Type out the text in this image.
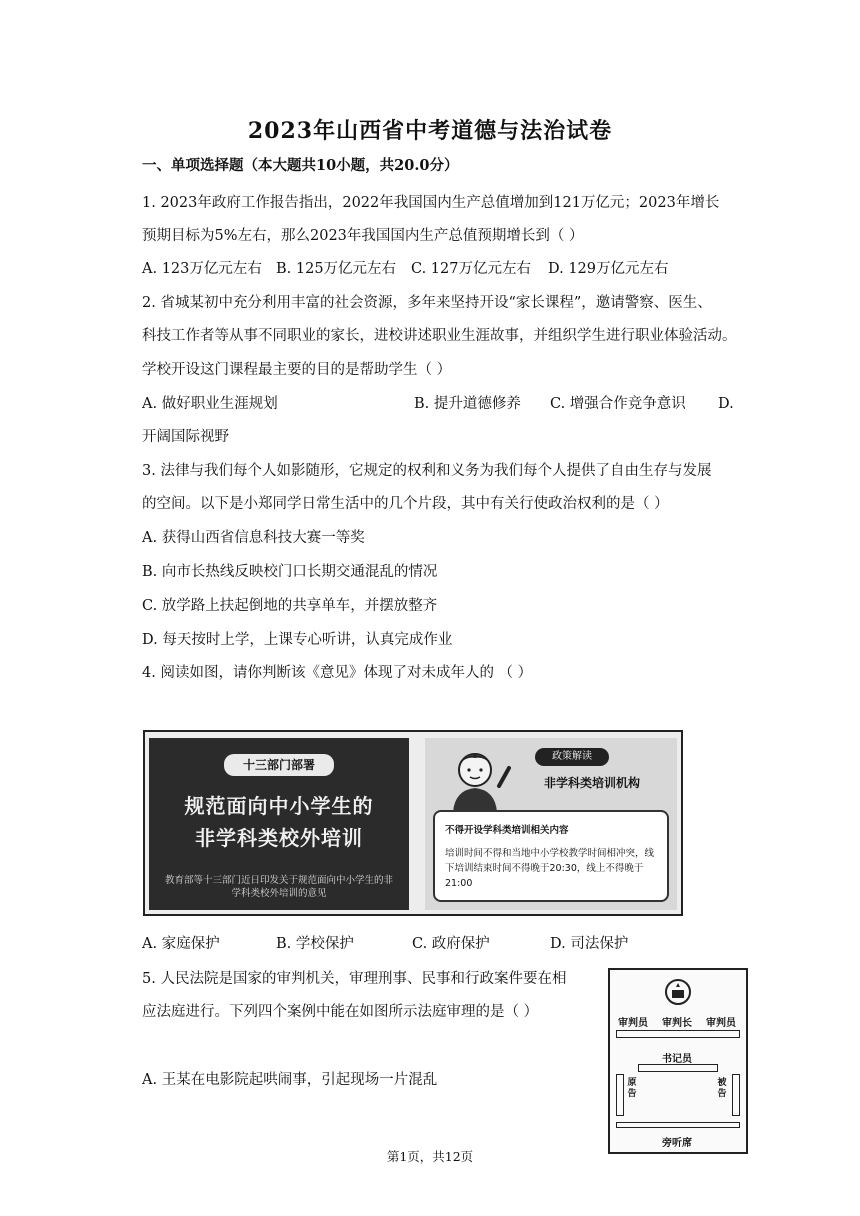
2023年山西省中考道德与法治试卷
一、单项选择题（本大题共10小题，共20.0分）
1. 2023年政府工作报告指出，2022年我国国内生产总值增加到121万亿元；2023年增长
预期目标为5%左右，那么2023年我国国内生产总值预期增长到（ ）
A. 123万亿元左右 B. 125万亿元左右 C. 127万亿元左右 D. 129万亿元左右
2. 省城某初中充分利用丰富的社会资源，多年来坚持开设“家长课程”，邀请警察、医生、
科技工作者等从事不同职业的家长，进校讲述职业生涯故事，并组织学生进行职业体验活动。
学校开设这门课程最主要的目的是帮助学生（ ）
A. 做好职业生涯规划	B. 提升道德修养 C. 增强合作竞争意识 D.
开阔国际视野
3. 法律与我们每个人如影随形，它规定的权利和义务为我们每个人提供了自由生存与发展
的空间。以下是小郑同学日常生活中的几个片段，其中有关行使政治权利的是（ ）
A. 获得山西省信息科技大赛一等奖
B. 向市长热线反映校门口长期交通混乱的情况
C. 放学路上扶起倒地的共享单车，并摆放整齐
D. 每天按时上学，上课专心听讲，认真完成作业
4. 阅读如图，请你判断该《意见》体现了对未成年人的 （ ）
十三部门部署
规范面向中小学生的
非学科类校外培训
教育部等十三部门近日印发关于规范面向中小学生的非学科类校外培训的意见
政策解读
非学科类培训机构
不得开设学科类培训相关内容
培训时间不得和当地中小学校教学时间相冲突，线下培训结束时间不得晚于20:30，线上不得晚于21:00
A. 家庭保护	B. 学校保护	C. 政府保护	D. 司法保护
5. 人民法院是国家的审判机关，审理刑事、民事和行政案件要在相
应法庭进行。下列四个案例中能在如图所示法庭审理的是（ ）
A. 王某在电影院起哄闹事，引起现场一片混乱
审判员 审判长 审判员
书记员
原告
被告
旁听席
第1页，共12页
